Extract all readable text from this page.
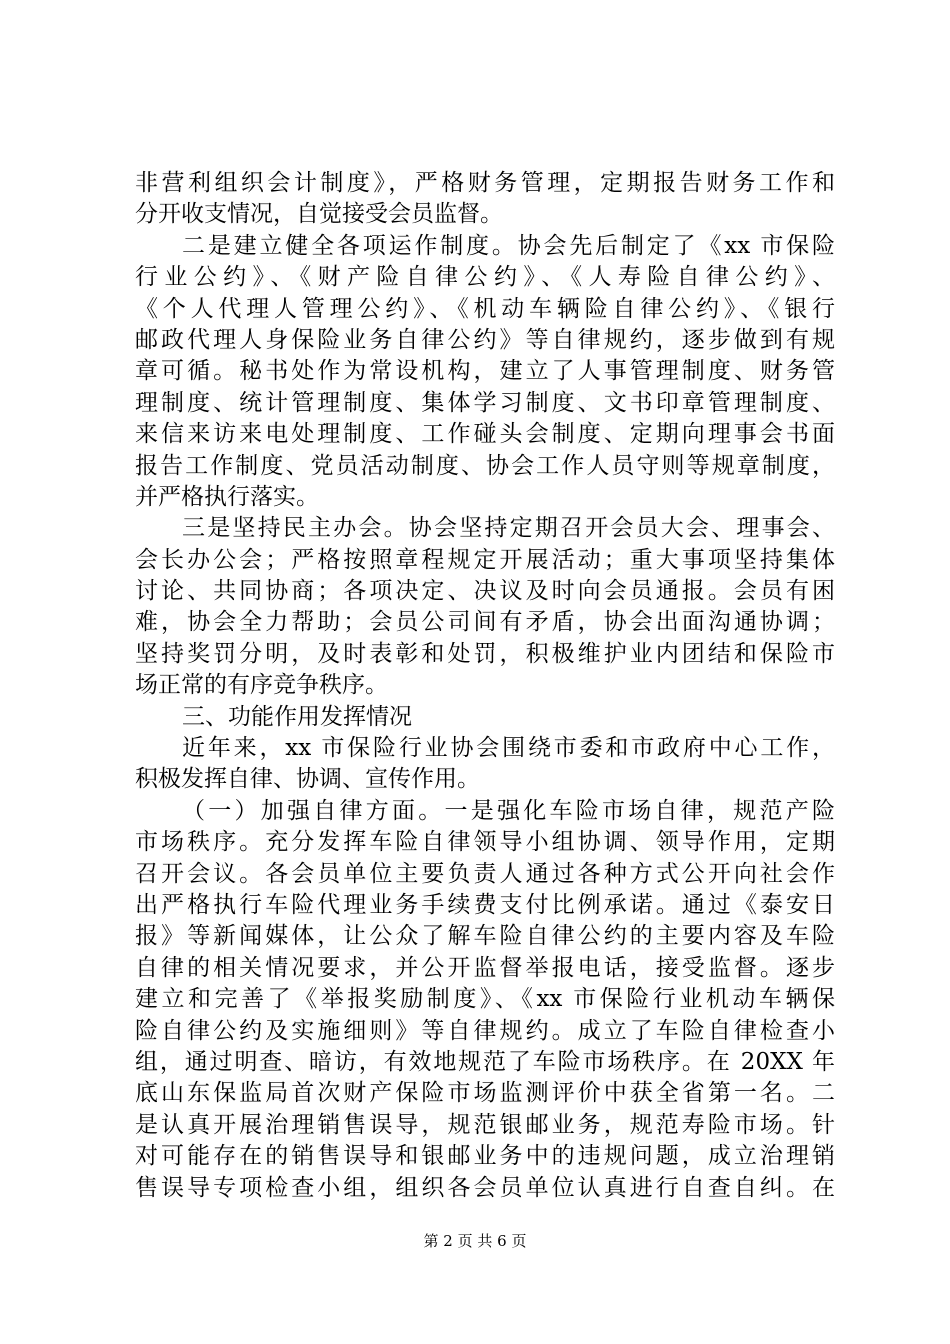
非营利组织会计制度》，严格财务管理，定期报告财务工作和
分开收支情况，自觉接受会员监督。
二是建立健全各项运作制度。协会先后制定了《xx 市保险
行业公约》、《财产险自律公约》、《人寿险自律公约》、
《个人代理人管理公约》、《机动车辆险自律公约》、《银行
邮政代理人身保险业务自律公约》等自律规约，逐步做到有规
章可循。秘书处作为常设机构，建立了人事管理制度、财务管
理制度、统计管理制度、集体学习制度、文书印章管理制度、
来信来访来电处理制度、工作碰头会制度、定期向理事会书面
报告工作制度、党员活动制度、协会工作人员守则等规章制度，
并严格执行落实。
三是坚持民主办会。协会坚持定期召开会员大会、理事会、
会长办公会；严格按照章程规定开展活动；重大事项坚持集体
讨论、共同协商；各项决定、决议及时向会员通报。会员有困
难，协会全力帮助；会员公司间有矛盾，协会出面沟通协调；
坚持奖罚分明，及时表彰和处罚，积极维护业内团结和保险市
场正常的有序竞争秩序。
三、功能作用发挥情况
近年来，xx 市保险行业协会围绕市委和市政府中心工作，
积极发挥自律、协调、宣传作用。
（一）加强自律方面。一是强化车险市场自律，规范产险
市场秩序。充分发挥车险自律领导小组协调、领导作用，定期
召开会议。各会员单位主要负责人通过各种方式公开向社会作
出严格执行车险代理业务手续费支付比例承诺。通过《泰安日
报》等新闻媒体，让公众了解车险自律公约的主要内容及车险
自律的相关情况要求，并公开监督举报电话，接受监督。逐步
建立和完善了《举报奖励制度》、《xx 市保险行业机动车辆保
险自律公约及实施细则》等自律规约。成立了车险自律检查小
组，通过明查、暗访，有效地规范了车险市场秩序。在 20XX 年
底山东保监局首次财产保险市场监测评价中获全省第一名。二
是认真开展治理销售误导，规范银邮业务，规范寿险市场。针
对可能存在的销售误导和银邮业务中的违规问题，成立治理销
售误导专项检查小组，组织各会员单位认真进行自查自纠。在
第 2 页 共 6 页
